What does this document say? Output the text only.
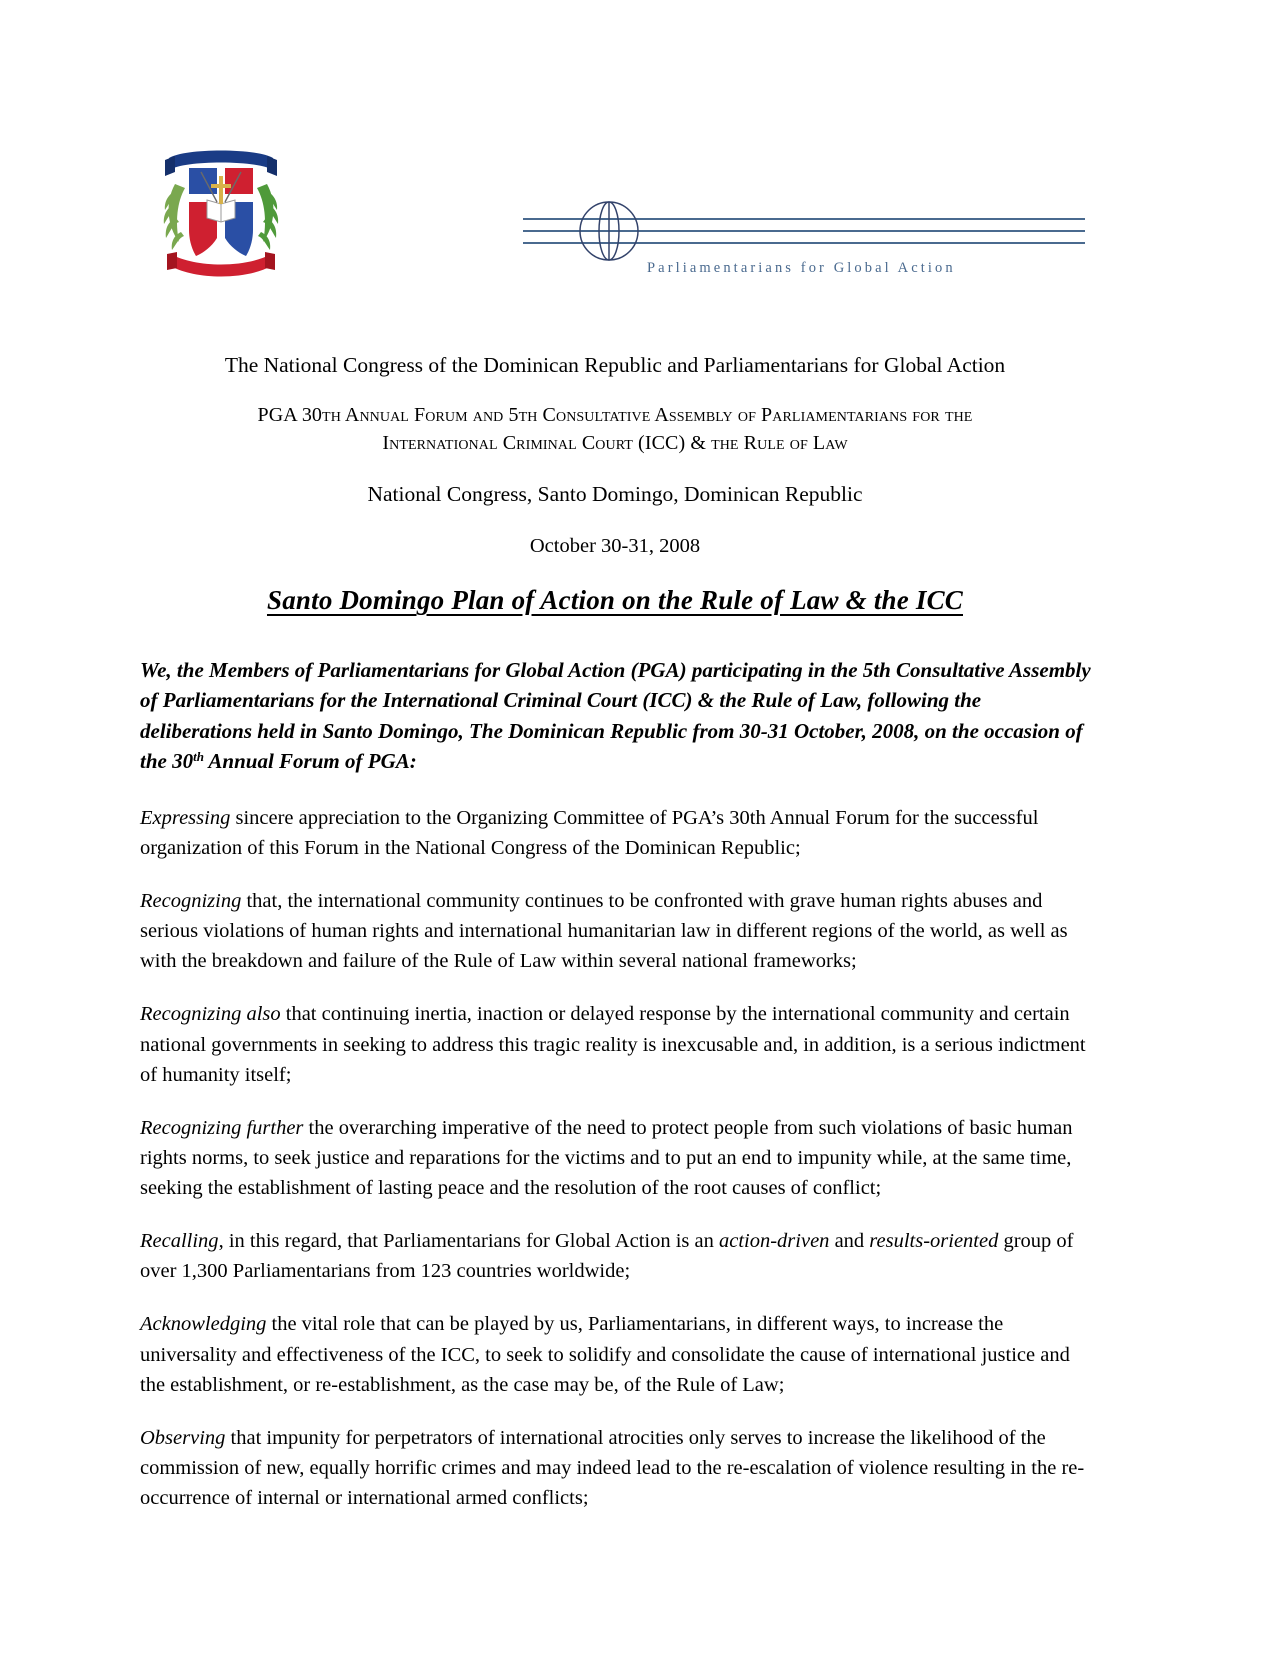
Parliamentarians for Global Action

The National Congress of the Dominican Republic and Parliamentarians for Global Action

PGA 30th Annual Forum and 5th Consultative Assembly of Parliamentarians for the
International Criminal Court (ICC) & the Rule of Law

National Congress, Santo Domingo, Dominican Republic

October 30-31, 2008

Santo Domingo Plan of Action on the Rule of Law & the ICC

We, the Members of Parliamentarians for Global Action (PGA) participating in the 5th Consultative Assembly of Parliamentarians for the International Criminal Court (ICC) & the Rule of Law, following the deliberations held in Santo Domingo, The Dominican Republic from 30-31 October, 2008, on the occasion of the 30th Annual Forum of PGA:

Expressing sincere appreciation to the Organizing Committee of PGA’s 30th Annual Forum for the successful organization of this Forum in the National Congress of the Dominican Republic;

Recognizing that, the international community continues to be confronted with grave human rights abuses and serious violations of human rights and international humanitarian law in different regions of the world, as well as with the breakdown and failure of the Rule of Law within several national frameworks;

Recognizing also that continuing inertia, inaction or delayed response by the international community and certain national governments in seeking to address this tragic reality is inexcusable and, in addition, is a serious indictment of humanity itself;

Recognizing further the overarching imperative of the need to protect people from such violations of basic human rights norms, to seek justice and reparations for the victims and to put an end to impunity while, at the same time, seeking the establishment of lasting peace and the resolution of the root causes of conflict;

Recalling, in this regard, that Parliamentarians for Global Action is an action-driven and results-oriented group of over 1,300 Parliamentarians from 123 countries worldwide;

Acknowledging the vital role that can be played by us, Parliamentarians, in different ways, to increase the universality and effectiveness of the ICC, to seek to solidify and consolidate the cause of international justice and the establishment, or re-establishment, as the case may be, of the Rule of Law;

Observing that impunity for perpetrators of international atrocities only serves to increase the likelihood of the commission of new, equally horrific crimes and may indeed lead to the re-escalation of violence resulting in the re-occurrence of internal or international armed conflicts;
